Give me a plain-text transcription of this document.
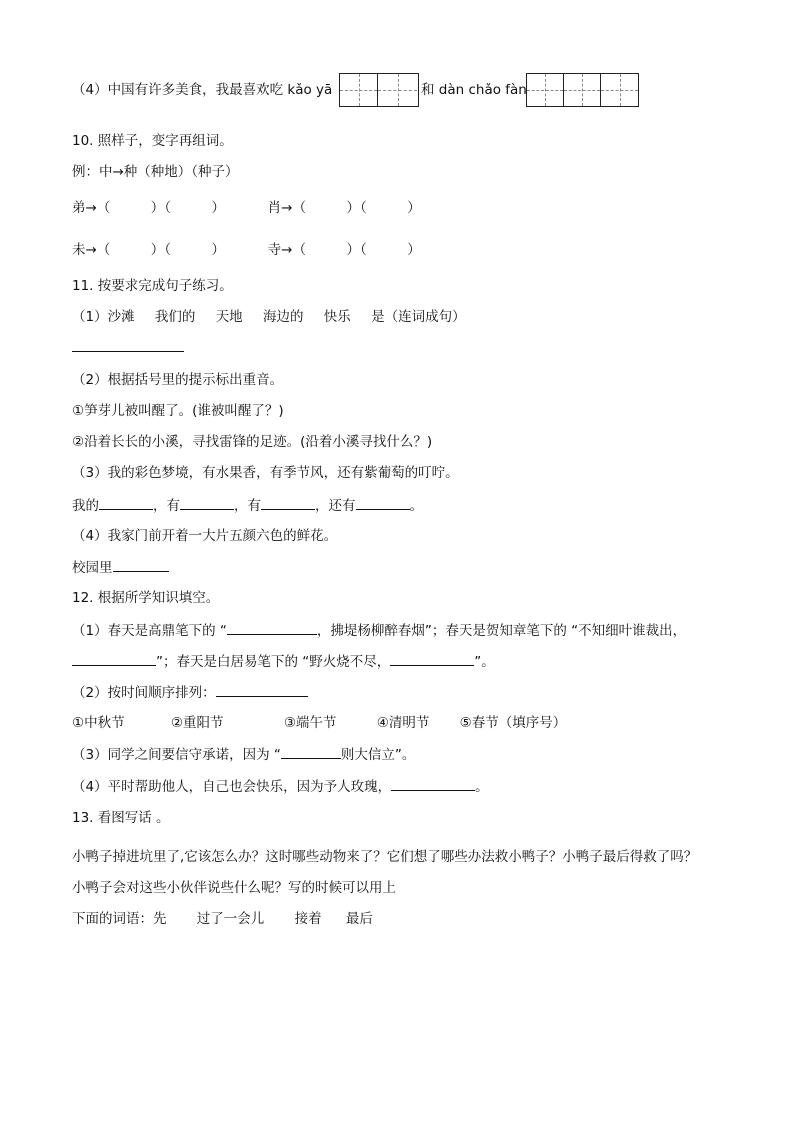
（4）中国有许多美食，我最喜欢吃 kǎo yā	和 dàn chǎo fàn
10. 照样子，变字再组词。
例：中→种（种地）（种子）
弟→（　　　）（　　　）	肖→（　　　）（　　　）
未→（　　　）（　　　）	寺→（　　　）（　　　）
11. 按要求完成句子练习。
（1）沙滩 我们的 天地 海边的 快乐 是（连词成句）
（2）根据括号里的提示标出重音。
①笋芽儿被叫醒了。(谁被叫醒了？)
②沿着长长的小溪，寻找雷锋的足迹。(沿着小溪寻找什么？)
（3）我的彩色梦境，有水果香，有季节风，还有紫葡萄的叮咛。
我的	，有	，有	，还有	。
（4）我家门前开着一大片五颜六色的鲜花。
校园里
12. 根据所学知识填空。
（1）春天是高鼎笔下的 “	，拂堤杨柳醉春烟”；春天是贺知章笔下的 “不知细叶谁裁出，
”；春天是白居易笔下的 “野火烧不尽，	”。
（2）按时间顺序排列：
①中秋节	②重阳节	③端午节	④清明节 ⑤春节（填序号）
（3）同学之间要信守承诺，因为 “	则大信立”。
（4）平时帮助他人，自己也会快乐，因为予人玫瑰，	。
13. 看图写话 。
小鸭子掉进坑里了,它该怎么办？这时哪些动物来了？它们想了哪些办法救小鸭子？小鸭子最后得救了吗？
小鸭子会对这些小伙伴说些什么呢？写的时候可以用上
下面的词语：先 过了一会儿 接着 最后
